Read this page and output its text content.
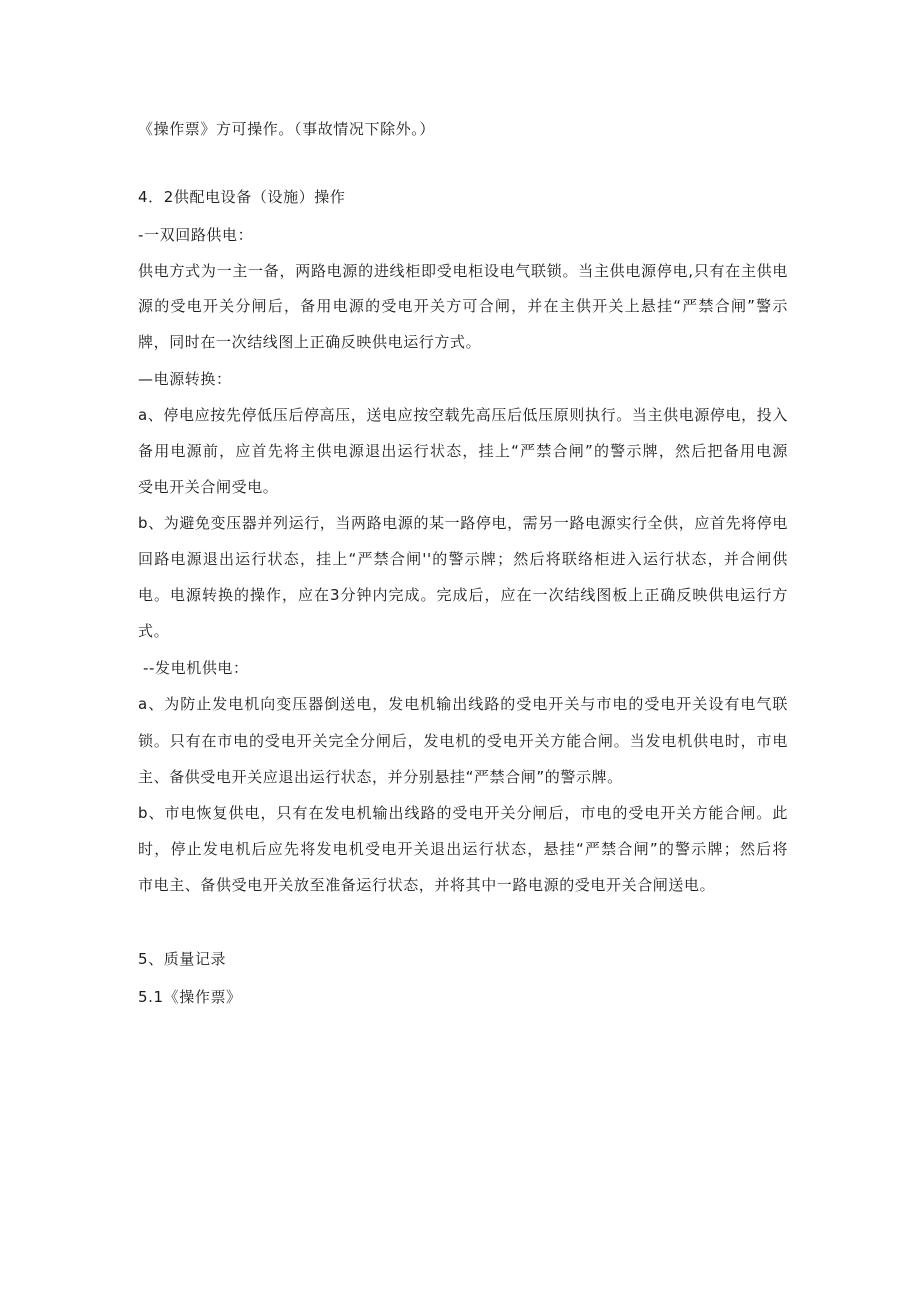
《操作票》方可操作。（事故情况下除外。）
4．2供配电设备（设施）操作
-一双回路供电：
供电方式为一主一备，两路电源的进线柜即受电柜设电气联锁。当主供电源停电,只有在主供电
源的受电开关分闸后，备用电源的受电开关方可合闸，并在主供开关上悬挂“严禁合闸”警示
牌，同时在一次结线图上正确反映供电运行方式。
—电源转换：
a、停电应按先停低压后停高压，送电应按空载先高压后低压原则执行。当主供电源停电，投入
备用电源前，应首先将主供电源退出运行状态，挂上“严禁合闸”的警示牌，然后把备用电源
受电开关合闸受电。
b、为避免变压器并列运行，当两路电源的某一路停电，需另一路电源实行全供，应首先将停电
回路电源退出运行状态，挂上“严禁合闸''的警示牌；然后将联络柜进入运行状态，并合闸供
电。电源转换的操作，应在3分钟内完成。完成后，应在一次结线图板上正确反映供电运行方
式。
--发电机供电：
a、为防止发电机向变压器倒送电，发电机输出线路的受电开关与市电的受电开关设有电气联
锁。只有在市电的受电开关完全分闸后，发电机的受电开关方能合闸。当发电机供电时，市电
主、备供受电开关应退出运行状态，并分别悬挂“严禁合闸”的警示牌。
b、市电恢复供电，只有在发电机输出线路的受电开关分闸后，市电的受电开关方能合闸。此
时，停止发电机后应先将发电机受电开关退出运行状态，悬挂“严禁合闸”的警示牌；然后将
市电主、备供受电开关放至准备运行状态，并将其中一路电源的受电开关合闸送电。
5、质量记录
5.1《操作票》
